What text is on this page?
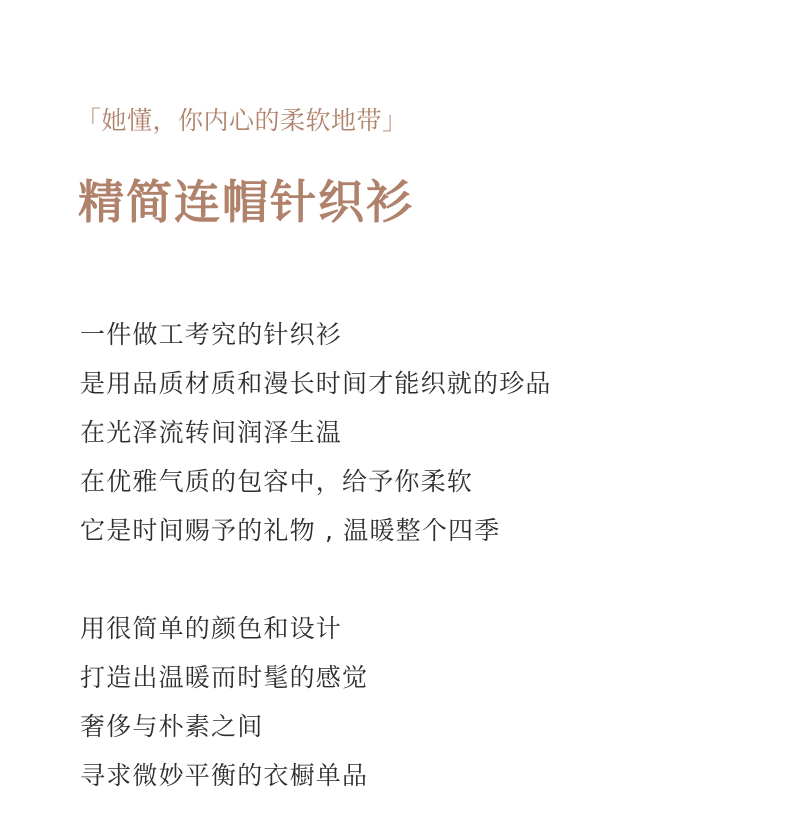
「她懂，你内心的柔软地带」
精简连帽针织衫
一件做工考究的针织衫
是用品质材质和漫长时间才能织就的珍品
在光泽流转间润泽生温
在优雅气质的包容中，给予你柔软
它是时间赐予的礼物 , 温暖整个四季
用很简单的颜色和设计
打造出温暖而时髦的感觉
奢侈与朴素之间
寻求微妙平衡的衣橱单品
